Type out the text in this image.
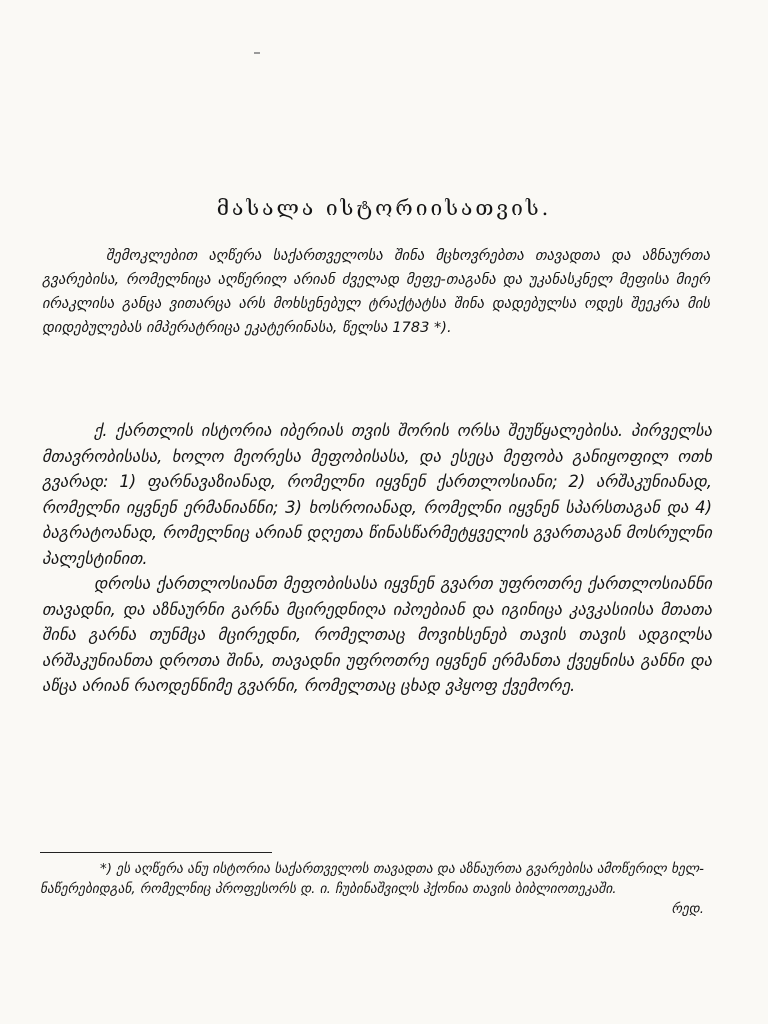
მასალა ისტორიისათვის.
შემოკლებით აღწერა საქართველოსა შინა მცხოვრებთა თავადთა და აზნაურთა გვარებისა, რომელნიცა აღწერილ არიან ძველად მეფე-თაგანა და უკანასკნელ მეფისა მიერ ირაკლისა განცა ვითარცა არს მოხსენებულ ტრაქტატსა შინა დადებულსა ოდეს შეეკრა მის დიდებულებას იმპერატრიცა ეკატერინასა, წელსა 1783 *).

ქ. ქართლის ისტორია იბერიას თვის შორის ორსა შეუწყალებისა. პირველსა მთავრობისასა, ხოლო მეორესა მეფობისასა, და ესეცა მეფობა განიყოფილ ოთხ გვარად: 1) ფარნავაზიანად, რომელნი იყვნენ ქართლოსიანი; 2) არშაკუნიანად, რომელნი იყვნენ ერმანიანნი; 3) ხოსროიანად, რომელნი იყვნენ სპარსთაგან და 4) ბაგრატოანად, რომელნიც არიან დღეთა წინასწარმეტყველის გვართაგან მოსრულნი პალესტინით.

დროსა ქართლოსიანთ მეფობისასა იყვნენ გვართ უფროთრე ქართლოსიანნი თავადნი, და აზნაურნი გარნა მცირედნიღა იპოებიან და იგინიცა კავკასიისა მთათა შინა გარნა თუნმცა მცირედნი, რომელთაც მოვიხსენებ თავის თავის ადგილსა არშაკუნიანთა დროთა შინა, თავადნი უფროთრე იყვნენ ერმანთა ქვეყნისა განნი და აწცა არიან რაოდენნიმე გვარნი, რომელთაც ცხად ვჰყოფ ქვემორე.

*) ეს აღწერა ანუ ისტორია საქართველოს თავადთა და აზნაურთა გვარებისა ამოწერილ ხელ-ნაწერებიდგან, რომელნიც პროფესორს დ. ი. ჩუბინაშვილს ჰქონია თავის ბიბლიოთეკაში.
რედ.
